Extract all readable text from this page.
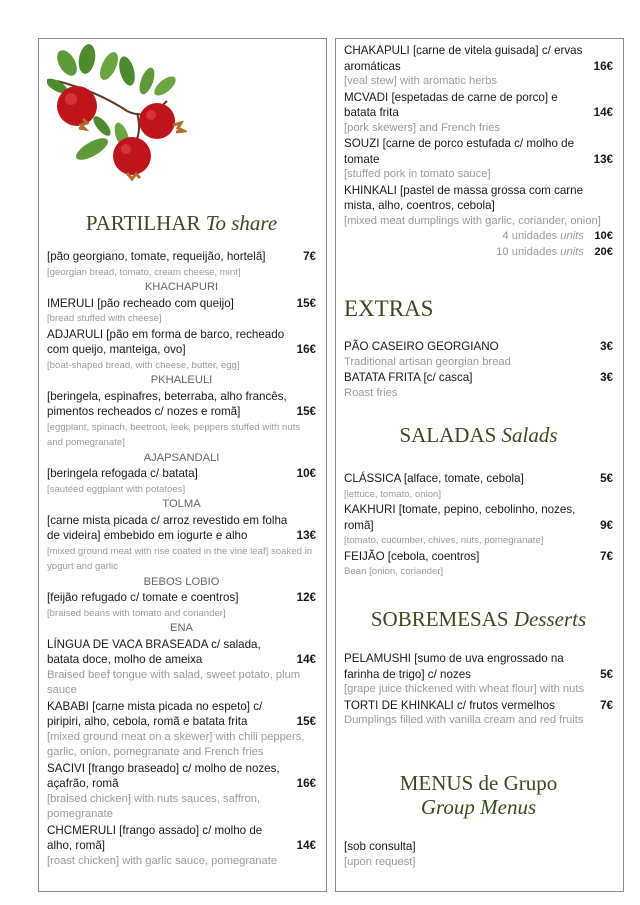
PARTILHAR To share
[pão georgiano, tomate, requeijão, hortelã]	7€
[georgian bread, tomato, cream cheese, mint]
KHACHAPURI
IMERULI [pão recheado com queijo]	15€
[bread stuffed with cheese]
ADJARULI [pão em forma de barco, recheado com queijo, manteiga, ovo]	16€
[boat-shaped bread, with cheese, butter, egg]
PKHALEULI
[beringela, espinafres, beterraba, alho francês, pimentos recheados c/ nozes e romã]	15€
[eggplant, spinach, beetroot, leek, peppers stuffed with nuts and pomegranate]
AJAPSANDALI
[beringela refogada c/ batata]	10€
[sautéed eggplant with potatoes]
TOLMA
[carne mista picada c/ arroz revestido em folha de videira] embebido em iogurte e alho	13€
[mixed ground meat with rise coated in the vine leaf] soaked in yogurt and garlic
BEBOS LOBIO
[feijão refugado c/ tomate e coentros]	12€
[braised beans with tomato and coriander]
ENA
LÍNGUA DE VACA BRASEADA c/ salada, batata doce, molho de ameixa	14€
Braised beef tongue with salad, sweet potato, plum sauce
KABABI [carne mista picada no espeto] c/ piripiri, alho, cebola, romã e batata frita	15€
[mixed ground meat on a skewer] with chili peppers, garlic, onion, pomegranate and French fries
SACIVI [frango braseado] c/ molho de nozes, açafrão, romã	16€
[braised chicken] with nuts sauces, saffron, pomegranate
CHCMERULI [frango assado] c/ molho de alho, romã]	14€
[roast chicken] with garlic sauce, pomegranate
CHAKAPULI [carne de vitela guisada] c/ ervas aromáticas	16€
[veal stew] with aromatic herbs
MCVADI [espetadas de carne de porco] e batata frita	14€
[pork skewers] and French fries
SOUZI [carne de porco estufada c/ molho de tomate	13€
[stuffed pork in tomato sauce]
KHINKALI [pastel de massa grossa com carne mista, alho, coentros, cebola]
[mixed meat dumplings with garlic, coriander, onion]
4 unidades units 10€
10 unidades units 20€
EXTRAS
PÃO CASEIRO GEORGIANO	3€
Traditional artisan georgian bread
BATATA FRITA [c/ casca]	3€
Roast fries
SALADAS Salads
CLÁSSICA [alface, tomate, cebola]	5€
[lettuce, tomato, onion]
KAKHURI [tomate, pepino, cebolinho, nozes, romã]	9€
[tomato, cucumber, chives, nuts, pomegranate]
FEIJÃO [cebola, coentros]	7€
Bean [onion, coriander]
SOBREMESAS Desserts
PELAMUSHI [sumo de uva engrossado na farinha de trigo] c/ nozes	5€
[grape juice thickened with wheat flour] with nuts
TORTI DE KHINKALI c/ frutos vermelhos	7€
Dumplings filled with vanilla cream and red fruits
MENUS de Grupo
Group Menus
[sob consulta]
[upon request]
